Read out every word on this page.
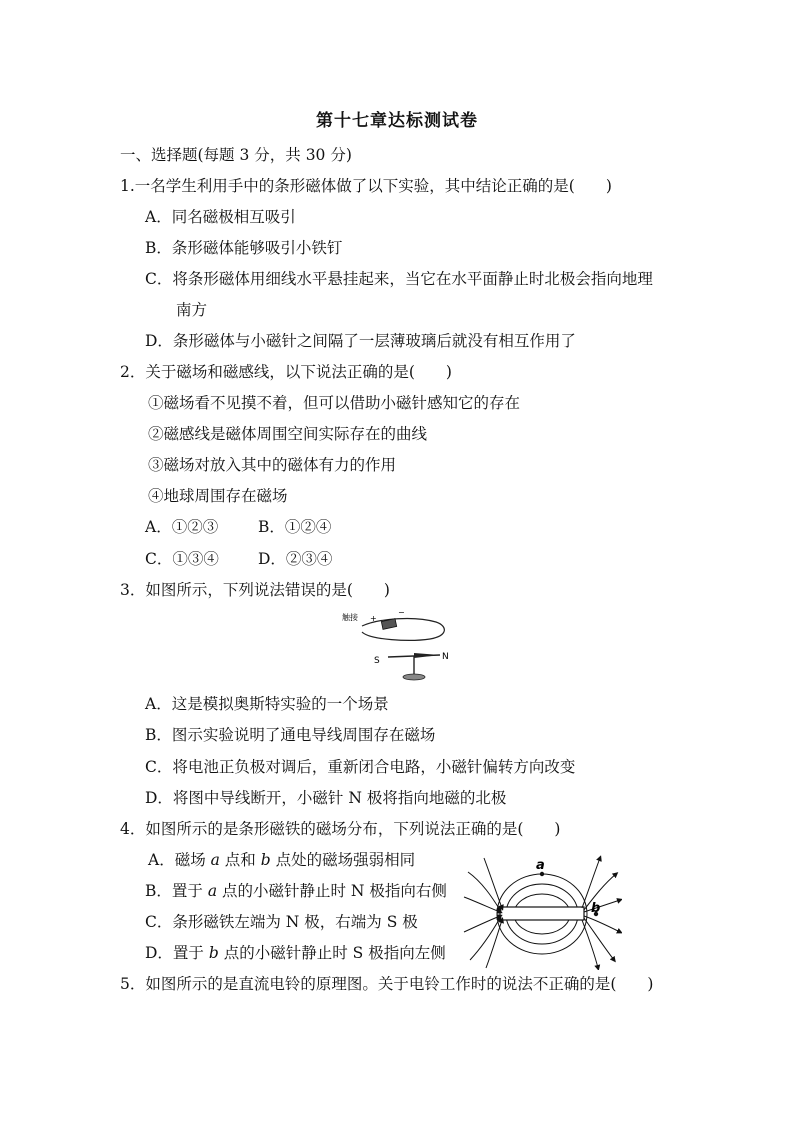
第十七章达标测试卷
一、选择题(每题 3 分，共 30 分)
1.一名学生利用手中的条形磁体做了以下实验，其中结论正确的是(　　)
A．同名磁极相互吸引
B．条形磁体能够吸引小铁钉
C．将条形磁体用细线水平悬挂起来，当它在水平面静止时北极会指向地理
南方
D．条形磁体与小磁针之间隔了一层薄玻璃后就没有相互作用了
2．关于磁场和磁感线，以下说法正确的是(　　)
①磁场看不见摸不着，但可以借助小磁针感知它的存在
②磁感线是磁体周围空间实际存在的曲线
③磁场对放入其中的磁体有力的作用
④地球周围存在磁场
A．①②③	B．①②④
C．①③④	D．②③④
3．如图所示，下列说法错误的是(　　)
触接 +
−
S	N
A．这是模拟奥斯特实验的一个场景
B．图示实验说明了通电导线周围存在磁场
C．将电池正负极对调后，重新闭合电路，小磁针偏转方向改变
D．将图中导线断开，小磁针 N 极将指向地磁的北极
4．如图所示的是条形磁铁的磁场分布，下列说法正确的是(　　)
A．磁场 a 点和 b 点处的磁场强弱相同
B．置于 a 点的小磁针静止时 N 极指向右侧
C．条形磁铁左端为 N 极，右端为 S 极
D．置于 b 点的小磁针静止时 S 极指向左侧
a
b
5．如图所示的是直流电铃的原理图。关于电铃工作时的说法不正确的是(　　)
